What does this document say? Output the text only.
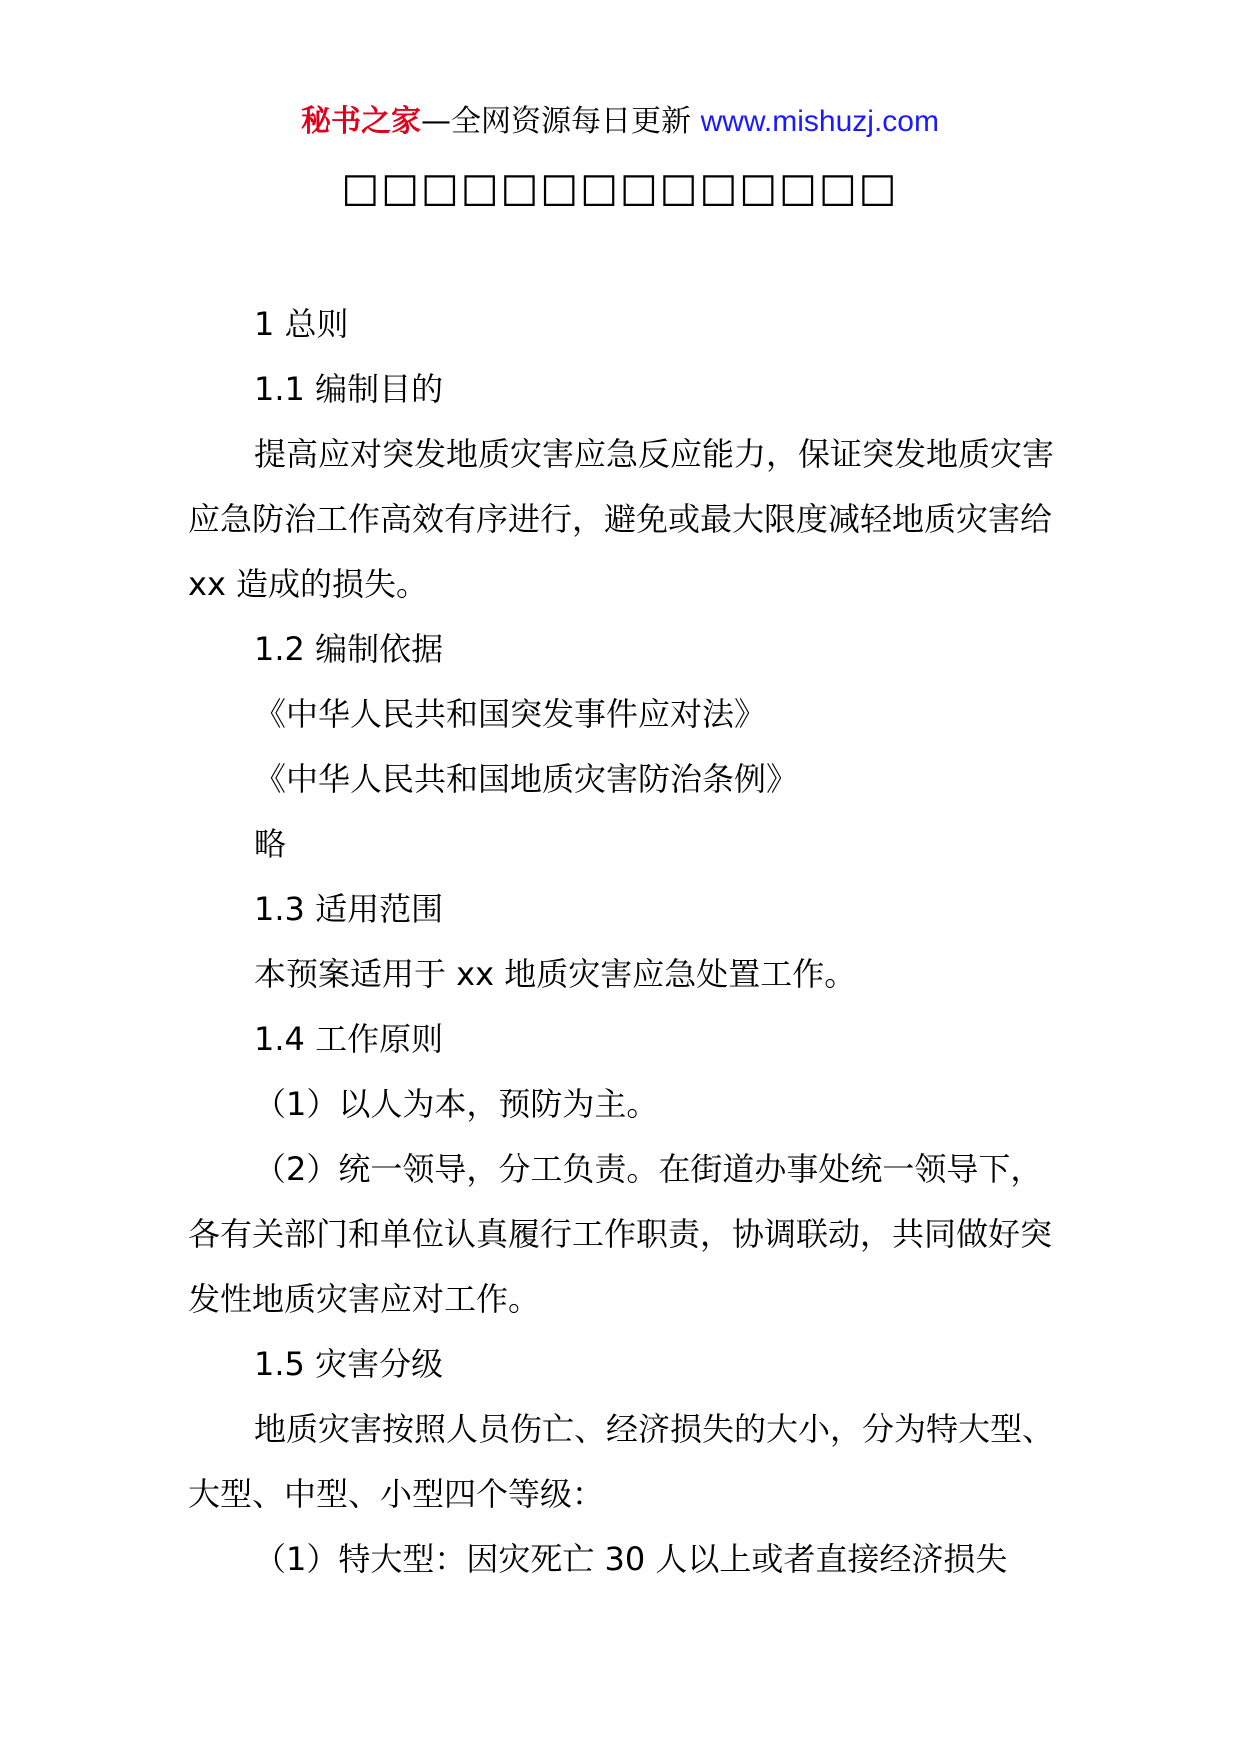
秘书之家—全网资源每日更新 www.mishuzj.com
□□□□□□□□□□□□□□
1 总则
1.1 编制目的

提高应对突发地质灾害应急反应能力，保证突发地质灾害应急防治工作高效有序进行，避免或最大限度减轻地质灾害给 xx 造成的损失。

1.2 编制依据
《中华人民共和国突发事件应对法》
《中华人民共和国地质灾害防治条例》
略
1.3 适用范围
本预案适用于 xx 地质灾害应急处置工作。
1.4 工作原则
（1）以人为本，预防为主。

（2）统一领导，分工负责。在街道办事处统一领导下，各有关部门和单位认真履行工作职责，协调联动，共同做好突发性地质灾害应对工作。

1.5 灾害分级

地质灾害按照人员伤亡、经济损失的大小，分为特大型、大型、中型、小型四个等级：

（1）特大型：因灾死亡 30 人以上或者直接经济损失
